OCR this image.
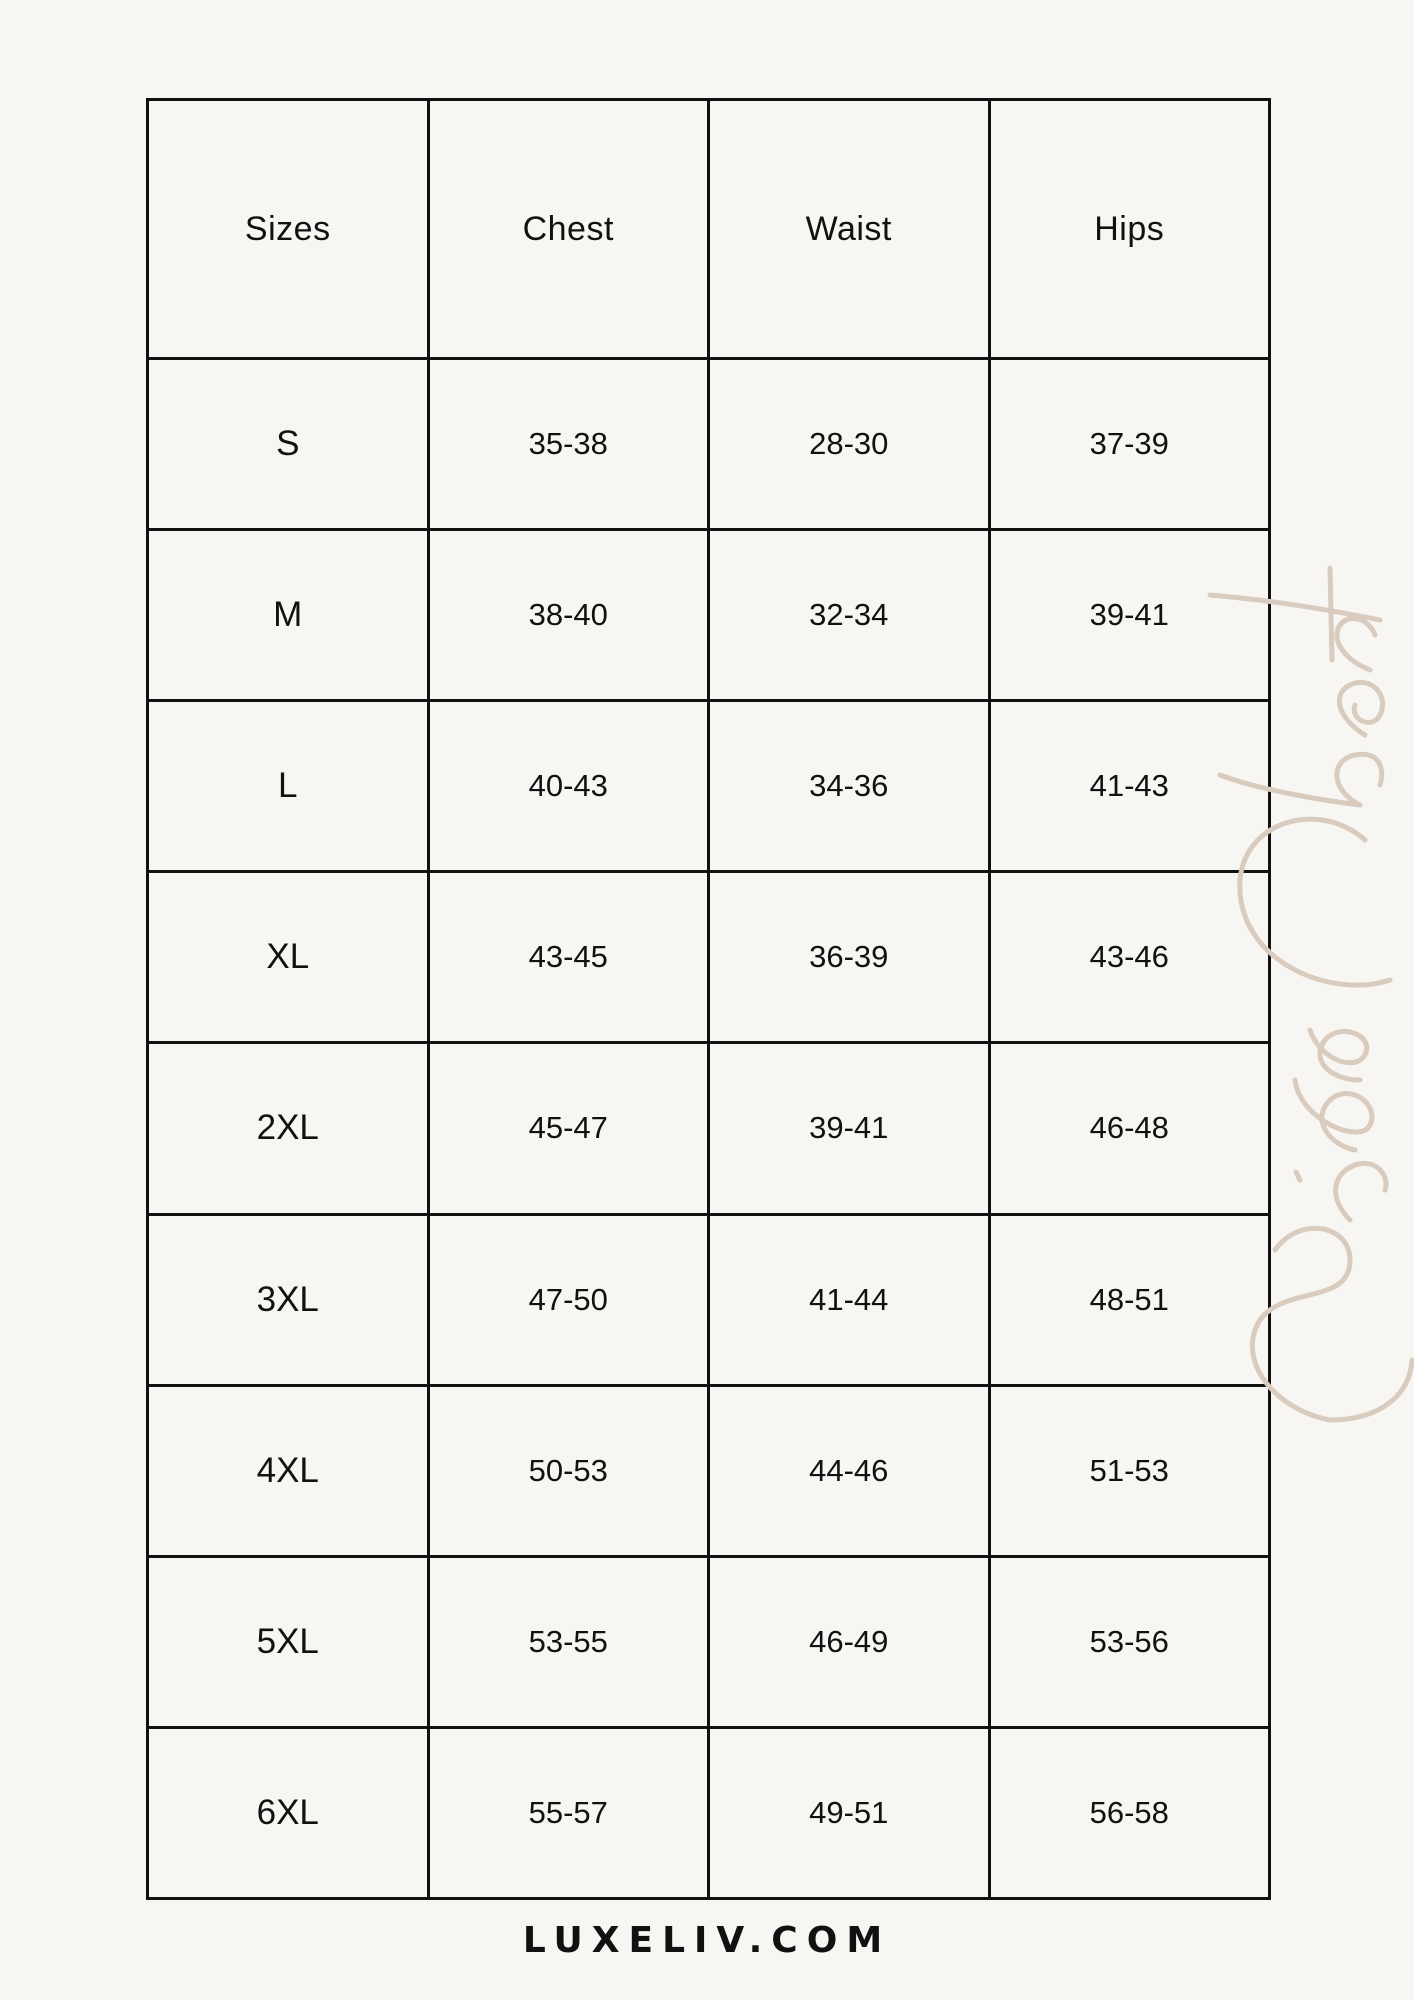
Sizes	Chest	Waist	Hips
S	35-38	28-30	37-39
M	38-40	32-34	39-41
L	40-43	34-36	41-43
XL	43-45	36-39	43-46
2XL	45-47	39-41	46-48
3XL	47-50	41-44	48-51
4XL	50-53	44-46	51-53
5XL	53-55	46-49	53-56
6XL	55-57	49-51	56-58
Size Chart
LUXELIV.COM
